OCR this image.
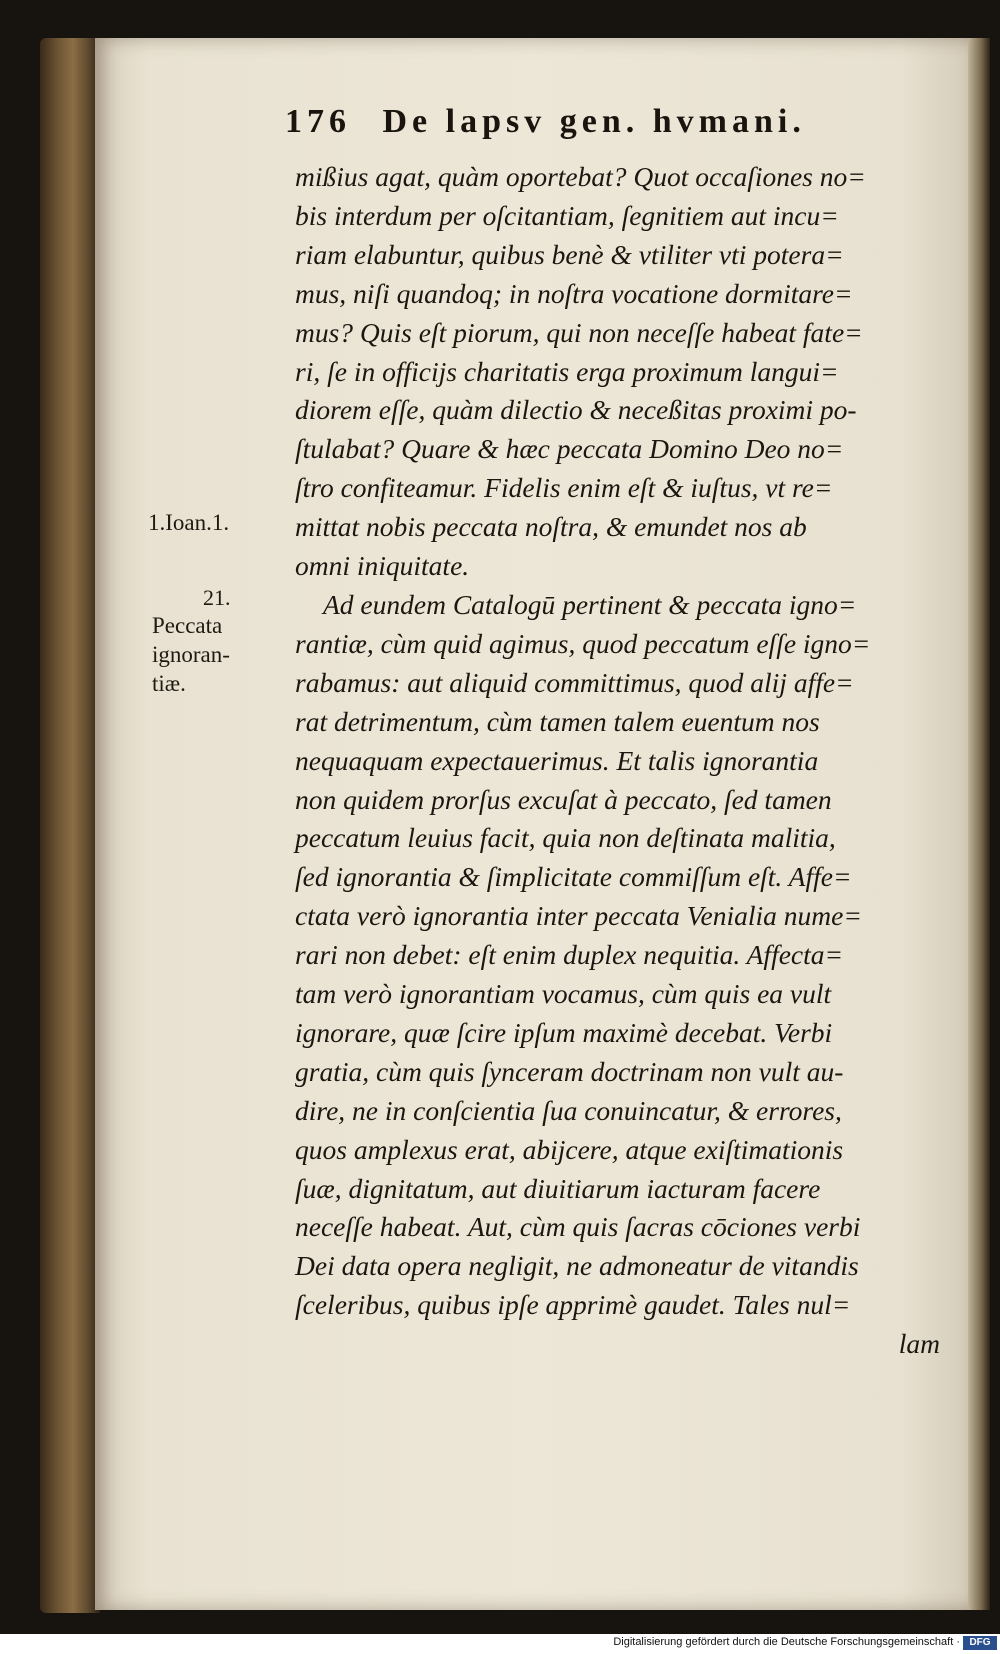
176 De lapsv gen. hvmani.
1.Ioan.1.
21.
Peccata
ignoran-
tiæ.
mißius agat, quàm oportebat? Quot occaſiones no=
bis interdum per oſcitantiam, ſegnitiem aut incu=
riam elabuntur, quibus benè & vtiliter vti potera=
mus, niſi quandoq; in noſtra vocatione dormitare=
mus? Quis eſt piorum, qui non neceſſe habeat fate=
ri, ſe in officijs charitatis erga proximum langui=
diorem eſſe, quàm dilectio & neceßitas proximi po-
ſtulabat? Quare & hæc peccata Domino Deo no=
ſtro confiteamur. Fidelis enim eſt & iuſtus, vt re=
mittat nobis peccata noſtra, & emundet nos ab
omni iniquitate.
Ad eundem Catalogū pertinent & peccata igno=
rantiæ, cùm quid agimus, quod peccatum eſſe igno=
rabamus: aut aliquid committimus, quod alij affe=
rat detrimentum, cùm tamen talem euentum nos
nequaquam expectauerimus. Et talis ignorantia
non quidem prorſus excuſat à peccato, ſed tamen
peccatum leuius facit, quia non deſtinata malitia,
ſed ignorantia & ſimplicitate commiſſum eſt. Affe=
ctata verò ignorantia inter peccata Venialia nume=
rari non debet: eſt enim duplex nequitia. Affecta=
tam verò ignorantiam vocamus, cùm quis ea vult
ignorare, quæ ſcire ipſum maximè decebat. Verbi
gratia, cùm quis ſynceram doctrinam non vult au-
dire, ne in conſcientia ſua conuincatur, & errores,
quos amplexus erat, abijcere, atque exiſtimationis
ſuæ, dignitatum, aut diuitiarum iacturam facere
neceſſe habeat. Aut, cùm quis ſacras cōciones verbi
Dei data opera negligit, ne admoneatur de vitandis
ſceleribus, quibus ipſe apprimè gaudet. Tales nul=
lam
Digitalisierung gefördert durch die Deutsche Forschungsgemeinschaft · DFG
